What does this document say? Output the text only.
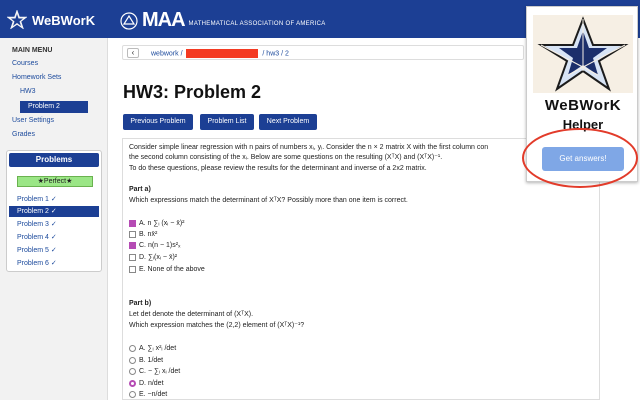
WeBWorK MAA MATHEMATICAL ASSOCIATION OF AMERICA
MAIN MENU
Courses
Homework Sets
HW3
Problem 2
User Settings
Grades
Problems
★Perfect★
Problem 1 ✓
Problem 2 ✓
Problem 3 ✓
Problem 4 ✓
Problem 5 ✓
Problem 6 ✓
‹	webwork /	/ hw3 / 2
HW3: Problem 2
Previous Problem	Problem List	Next Problem

Consider simple linear regression with n pairs of numbers xᵢ, yᵢ. Consider the n × 2 matrix X with the first column con

the second column consisting of the xᵢ. Below are some questions on the resulting (XᵀX) and (XᵀX)⁻¹.

To do these questions, please review the results for the determinant and inverse of a 2x2 matrix.

Part a)

Which expressions match the determinant of XᵀX? Possibly more than one item is correct.

A. n ∑ᵢ (xᵢ − x̄)²
B. nx̄²
C. n(n − 1)s²ₓ
D. ∑ᵢ(xᵢ − x̄)²
E. None of the above

Part b)

Let det denote the determinant of (XᵀX).

Which expression matches the (2,2) element of (XᵀX)⁻¹?

A. ∑ᵢ x²ᵢ /det
B. 1/det
C. − ∑ᵢ xᵢ /det
D. n/det
E. −n/det
WeBWorK
Helper
Get answers!
